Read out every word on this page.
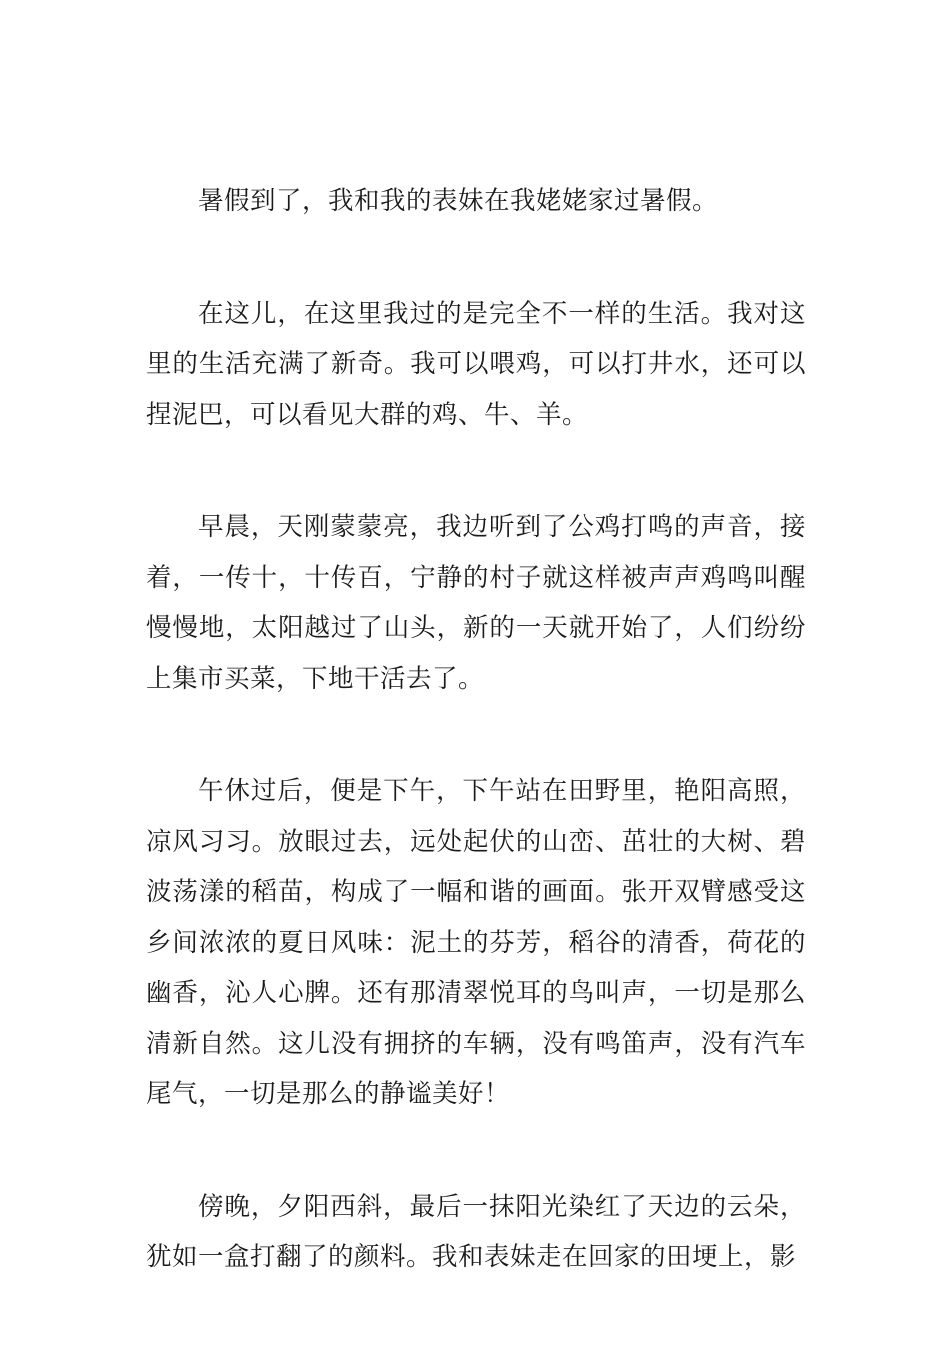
暑假到了，我和我的表妹在我姥姥家过暑假。

在这儿，在这里我过的是完全不一样的生活。我对这里的生活充满了新奇。我可以喂鸡，可以打井水，还可以捏泥巴，可以看见大群的鸡、牛、羊。

早晨，天刚蒙蒙亮，我边听到了公鸡打鸣的声音，接着，一传十，十传百，宁静的村子就这样被声声鸡鸣叫醒慢慢地，太阳越过了山头，新的一天就开始了，人们纷纷上集市买菜，下地干活去了。

午休过后，便是下午，下午站在田野里，艳阳高照，凉风习习。放眼过去，远处起伏的山峦、茁壮的大树、碧波荡漾的稻苗，构成了一幅和谐的画面。张开双臂感受这乡间浓浓的夏日风味：泥土的芬芳，稻谷的清香，荷花的幽香，沁人心脾。还有那清翠悦耳的鸟叫声，一切是那么清新自然。这儿没有拥挤的车辆，没有鸣笛声，没有汽车尾气，一切是那么的静谧美好！

傍晚，夕阳西斜，最后一抹阳光染红了天边的云朵，犹如一盒打翻了的颜料。我和表妹走在回家的田埂上，影
